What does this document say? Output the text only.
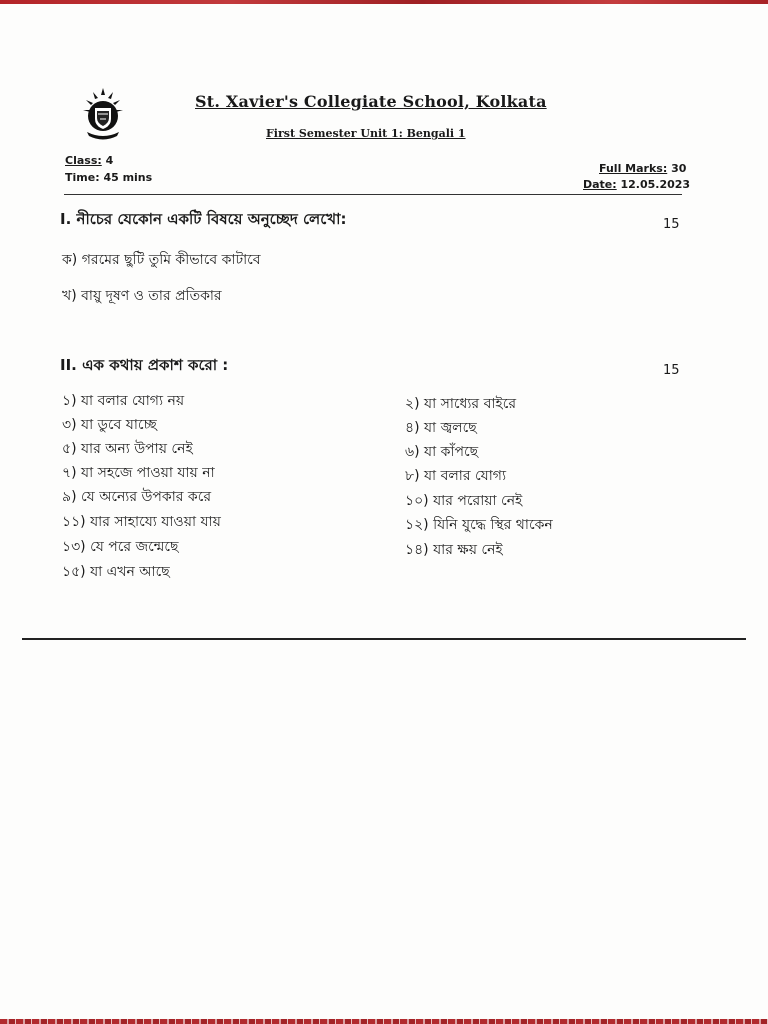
St. Xavier's Collegiate School, Kolkata
First Semester Unit 1: Bengali 1
Class: 4
Time: 45 mins
Full Marks: 30
Date: 12.05.2023
I. নীচের যেকোন একটি বিষয়ে অনুচ্ছেদ লেখো:	15
ক) গরমের ছুটি তুমি কীভাবে কাটাবে
খ) বায়ু দূষণ ও তার প্রতিকার
II. এক কথায় প্রকাশ করো :	15
১) যা বলার যোগ্য নয়
৩) যা ডুবে যাচ্ছে
৫) যার অন্য উপায় নেই
৭) যা সহজে পাওয়া যায় না
৯) যে অন্যের উপকার করে
১১) যার সাহায্যে যাওয়া যায়
১৩) যে পরে জন্মেছে
১৫) যা এখন আছে
২) যা সাধ্যের বাইরে
৪) যা জ্বলছে
৬) যা কাঁপছে
৮) যা বলার যোগ্য
১০) যার পরোয়া নেই
১২) যিনি যুদ্ধে স্থির থাকেন
১৪) যার ক্ষয় নেই
